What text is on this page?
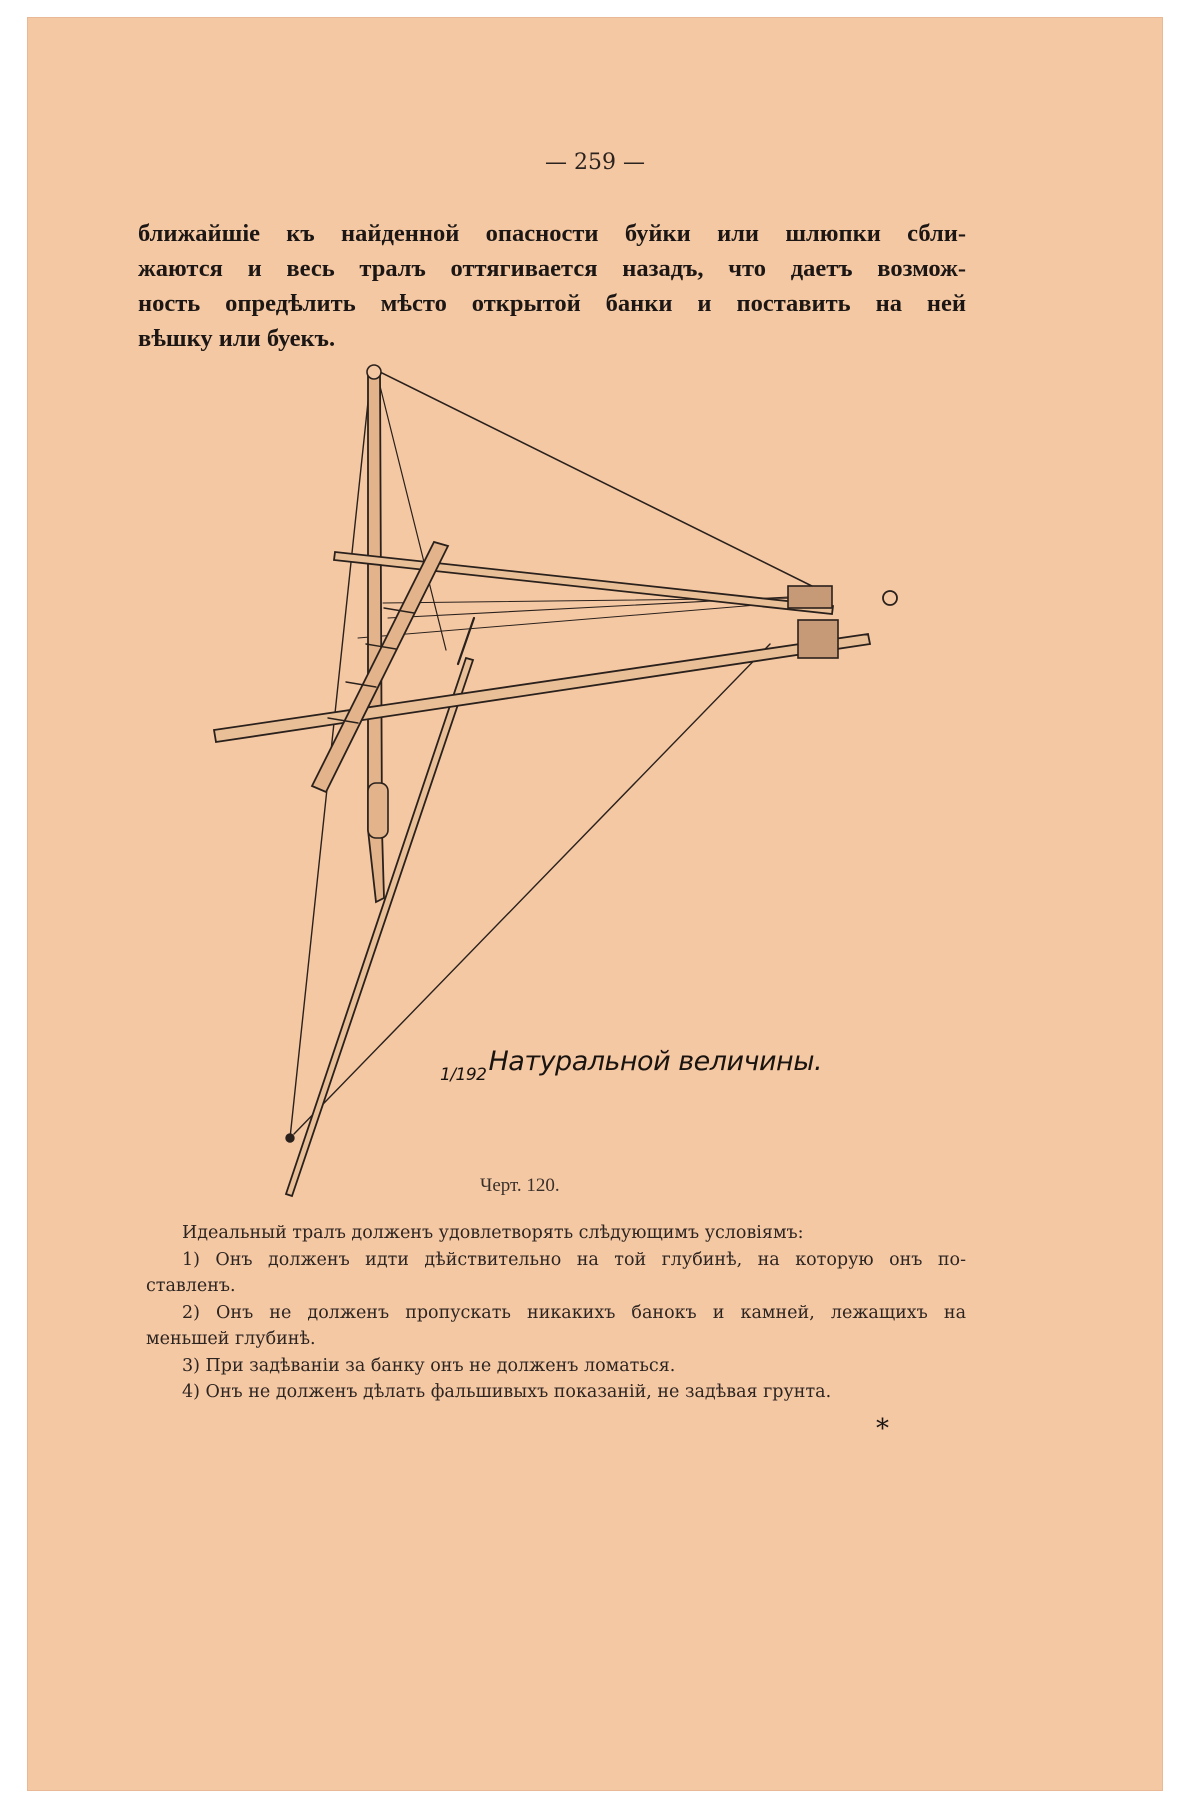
— 259 —
ближайшіе къ найденной опасности буйки или шлюпки сбли-
жаются и весь тралъ оттягивается назадъ, что даетъ возмож-
ность опредѣлить мѣсто открытой банки и поставить на ней
вѣшку или буекъ.
$_{1/192}$Натуральной величины.
Черт. 120.
Идеальный тралъ долженъ удовлетворять слѣдующимъ условіямъ:
1) Онъ долженъ идти дѣйствительно на той глубинѣ, на которую онъ по-
ставленъ.
2) Онъ не долженъ пропускать никакихъ банокъ и камней, лежащихъ на
меньшей глубинѣ.
3) При задѣваніи за банку онъ не долженъ ломаться.
4) Онъ не долженъ дѣлать фальшивыхъ показаній, не задѣвая грунта.
*
